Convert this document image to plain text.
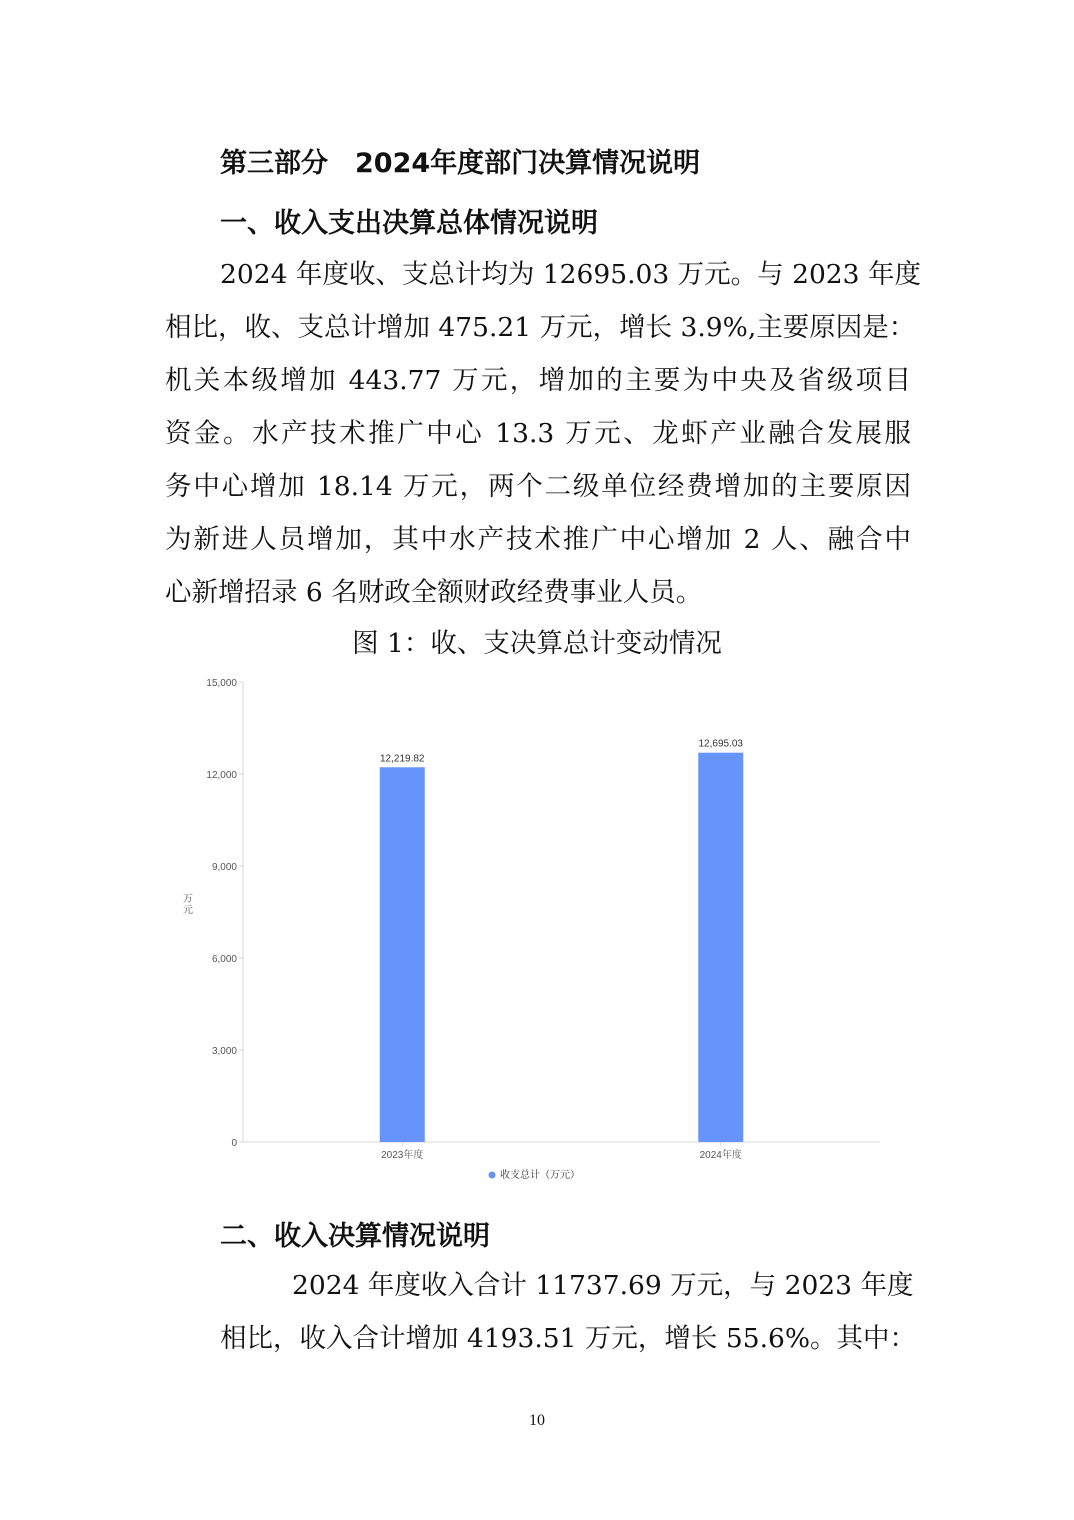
第三部分　2024年度部门决算情况说明
一、收入支出决算总体情况说明
2024 年度收、支总计均为 12695.03 万元。与 2023 年度
相比，收、支总计增加 475.21 万元，增长 3.9%,主要原因是：
机关本级增加 443.77 万元，增加的主要为中央及省级项目
资金。水产技术推广中心 13.3 万元、龙虾产业融合发展服
务中心增加 18.14 万元，两个二级单位经费增加的主要原因
为新进人员增加，其中水产技术推广中心增加 2 人、融合中
心新增招录 6 名财政全额财政经费事业人员。
图 1：收、支决算总计变动情况
0
3,000
6,000
9,000
12,000
15,000
万元
12,219.82
2023年度
12,695.03
2024年度
收支总计（万元）
二、收入决算情况说明
2024 年度收入合计 11737.69 万元，与 2023 年度
相比，收入合计增加 4193.51 万元，增长 55.6%。其中：
10
